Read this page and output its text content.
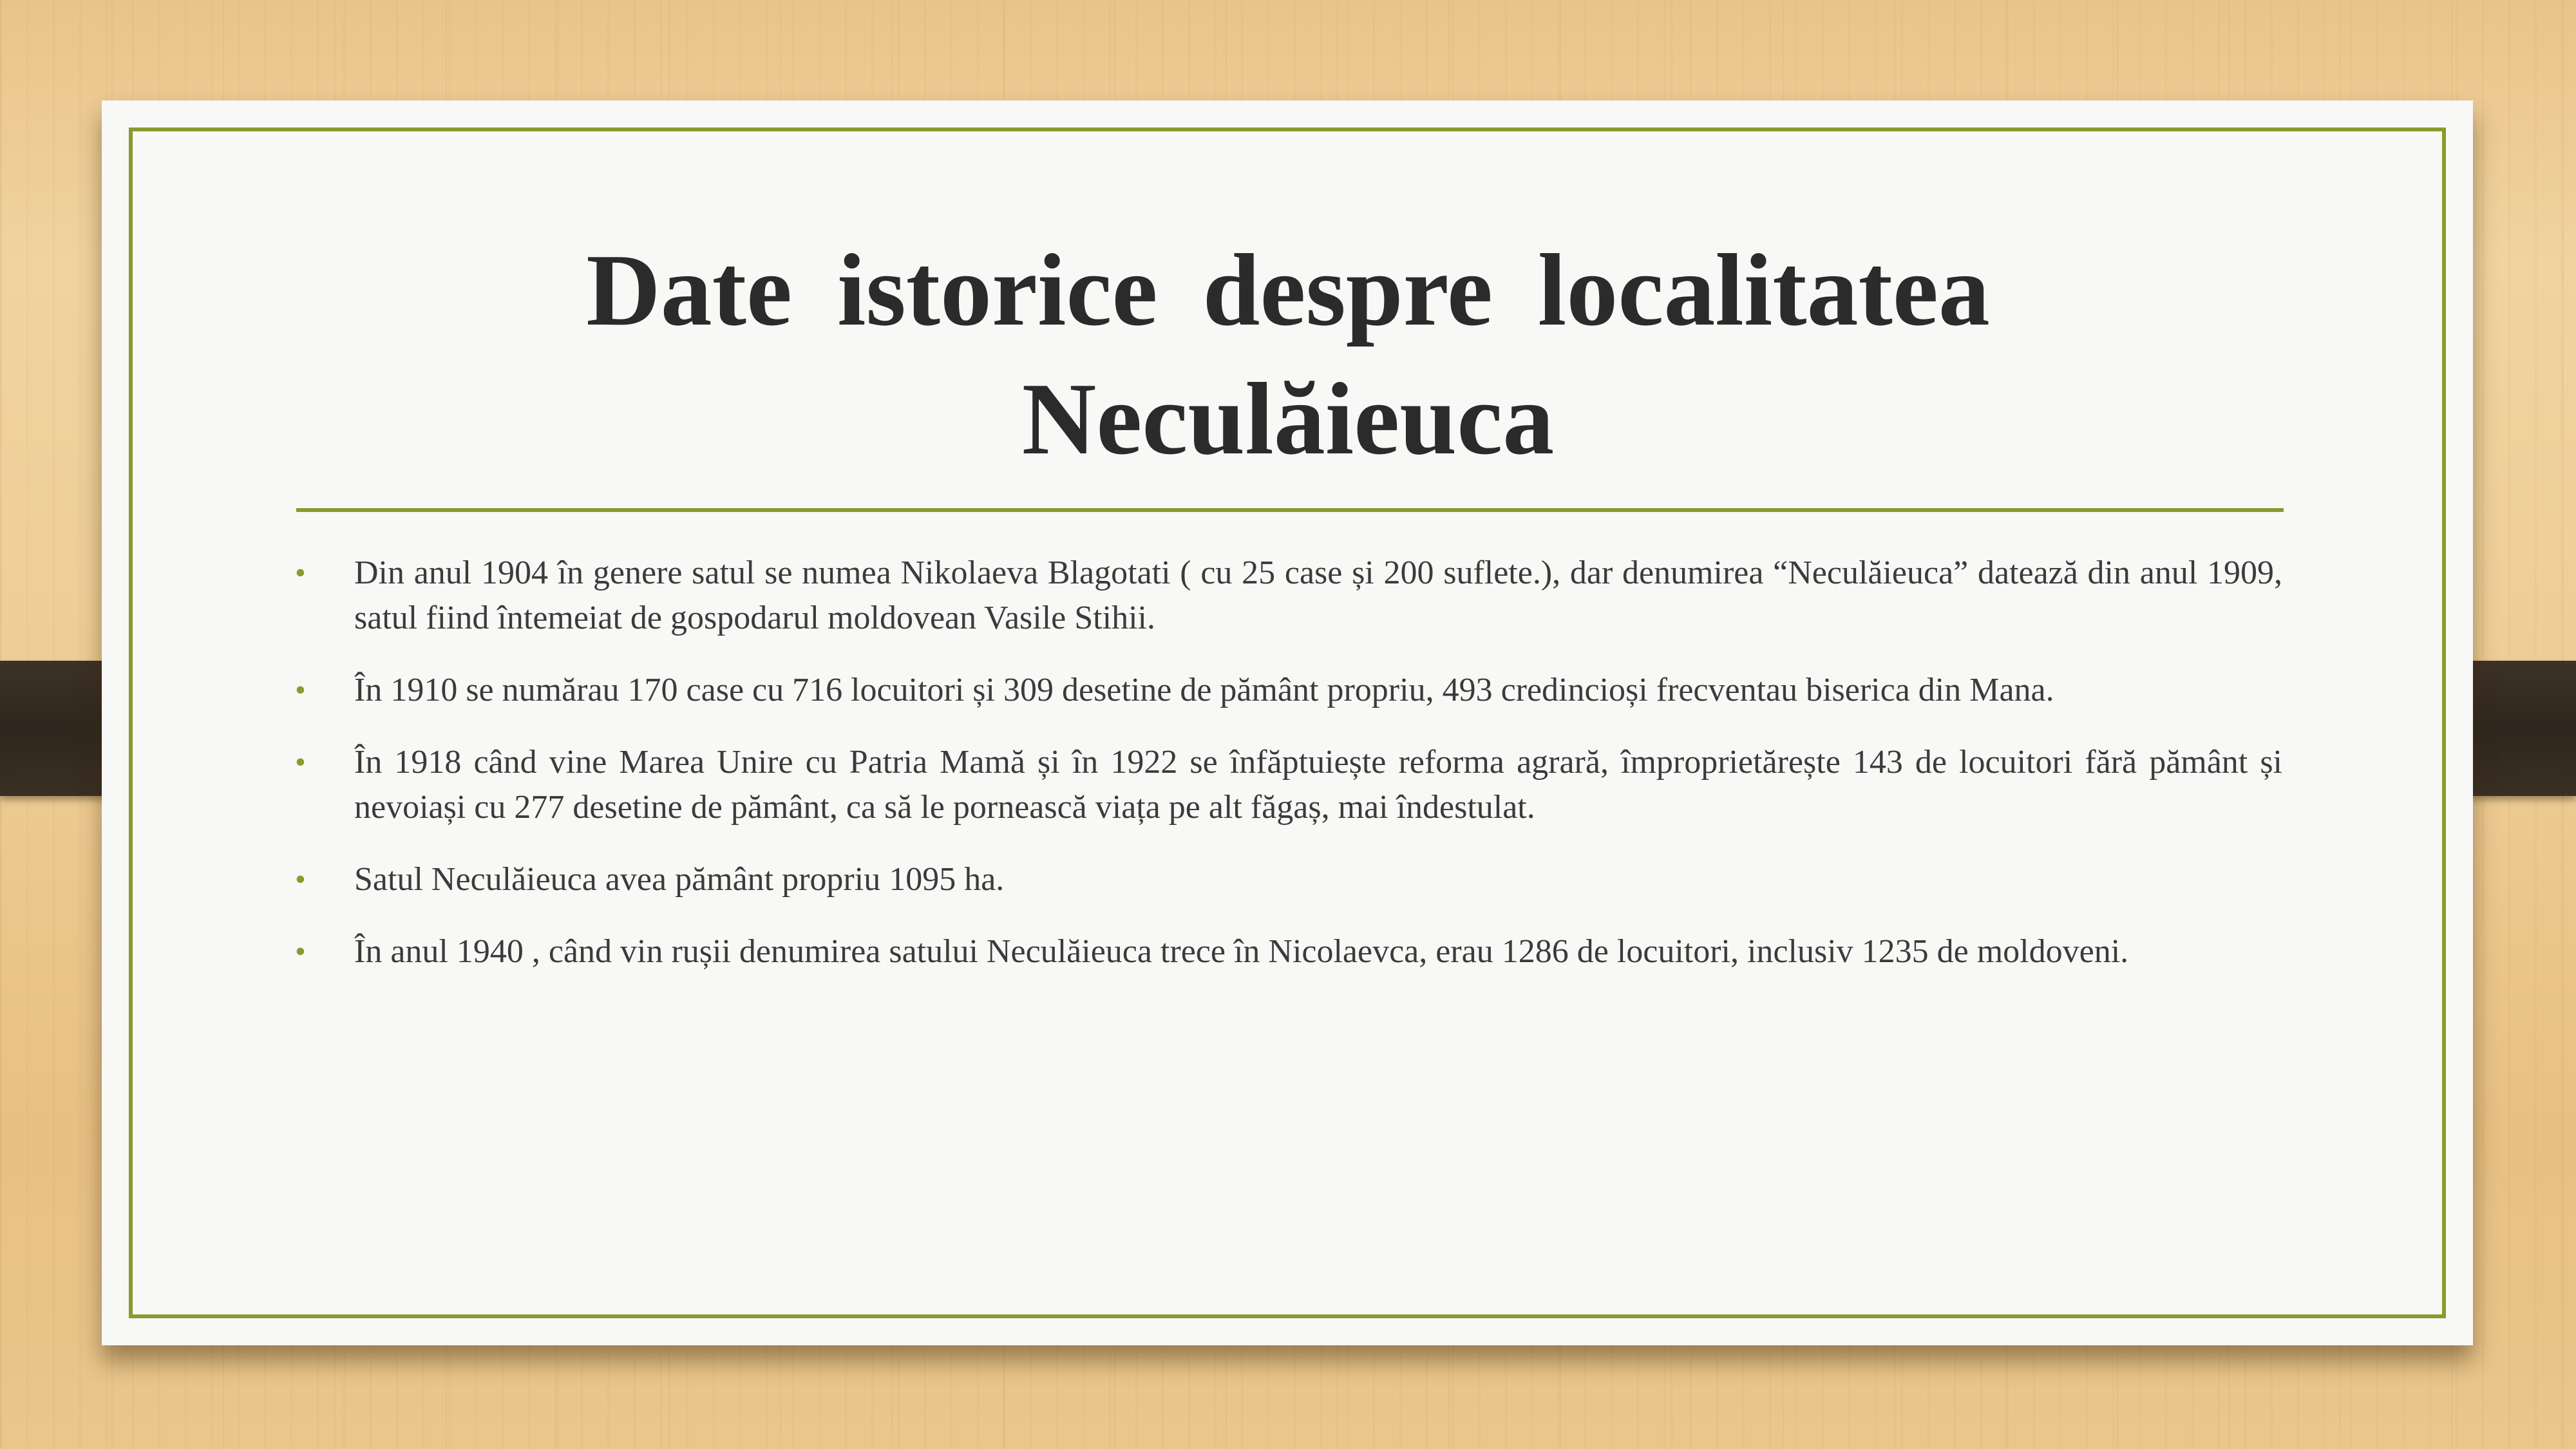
Date istorice despre localitatea
Neculăieuca
• Din anul 1904 în genere satul se numea Nikolaeva Blagotati ( cu 25 case și 200 suflete.), dar denumirea “Neculăieuca” datează din anul 1909, satul fiind întemeiat de gospodarul moldovean Vasile Stihii.
• În 1910 se numărau 170 case cu 716 locuitori și 309 desetine de pământ propriu, 493 credincioși frecventau biserica din Mana.
• În 1918 când vine Marea Unire cu Patria Mamă și în 1922 se înfăptuiește reforma agrară, împroprietărește 143 de locuitori fără pământ și nevoiași cu 277 desetine de pământ, ca să le pornească viața pe alt făgaș, mai îndestulat.
• Satul Neculăieuca avea pământ propriu 1095 ha.
• În anul 1940 , când vin rușii denumirea satului Neculăieuca trece în Nicolaevca, erau 1286 de locuitori, inclusiv 1235 de moldoveni.
